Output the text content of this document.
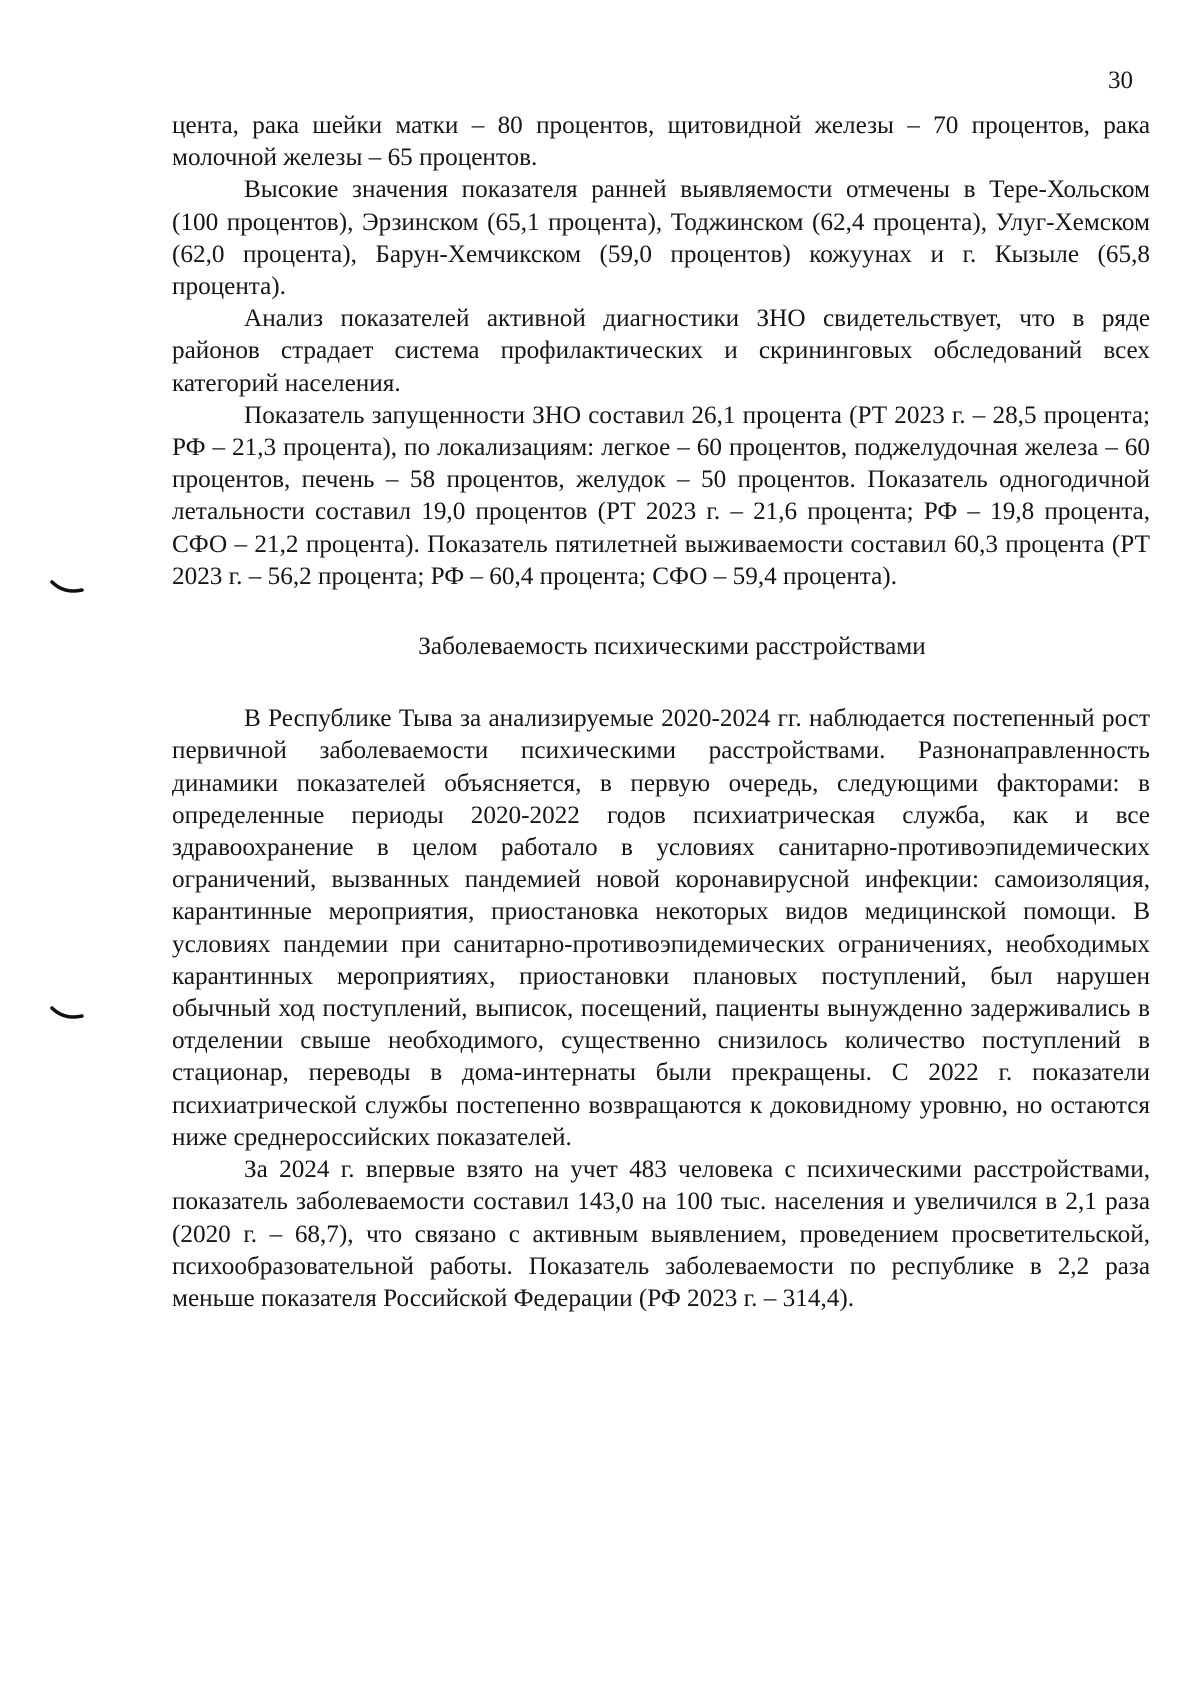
30

цента, рака шейки матки – 80 процентов, щитовидной железы – 70 процентов, рака молочной железы – 65 процентов.

Высокие значения показателя ранней выявляемости отмечены в Тере-Хольском (100 процентов), Эрзинском (65,1 процента), Тоджинском (62,4 процента), Улуг-Хемском (62,0 процента), Барун-Хемчикском (59,0 процентов) кожуунах и г. Кызыле (65,8 процента).

Анализ показателей активной диагностики ЗНО свидетельствует, что в ряде районов страдает система профилактических и скрининговых обследований всех категорий населения.

Показатель запущенности ЗНО составил 26,1 процента (РТ 2023 г. – 28,5 процента; РФ – 21,3 процента), по локализациям: легкое – 60 процентов, поджелудочная железа – 60 процентов, печень – 58 процентов, желудок – 50 процентов. Показатель одногодичной летальности составил 19,0 процентов (РТ 2023 г. – 21,6 процента; РФ – 19,8 процента, СФО – 21,2 процента). Показатель пятилетней выживаемости составил 60,3 процента (РТ 2023 г. – 56,2 процента; РФ – 60,4 процента; СФО – 59,4 процента).

Заболеваемость психическими расстройствами

В Республике Тыва за анализируемые 2020-2024 гг. наблюдается постепенный рост первичной заболеваемости психическими расстройствами. Разнонаправленность динамики показателей объясняется, в первую очередь, следующими факторами: в определенные периоды 2020-2022 годов психиатрическая служба, как и все здравоохранение в целом работало в условиях санитарно-противоэпидемических ограничений, вызванных пандемией новой коронавирусной инфекции: самоизоляция, карантинные мероприятия, приостановка некоторых видов медицинской помощи. В условиях пандемии при санитарно-противоэпидемических ограничениях, необходимых карантинных мероприятиях, приостановки плановых поступлений, был нарушен обычный ход поступлений, выписок, посещений, пациенты вынужденно задерживались в отделении свыше необходимого, существенно снизилось количество поступлений в стационар, переводы в дома-интернаты были прекращены. С 2022 г. показатели психиатрической службы постепенно возвращаются к доковидному уровню, но остаются ниже среднероссийских показателей.

За 2024 г. впервые взято на учет 483 человека с психическими расстройствами, показатель заболеваемости составил 143,0 на 100 тыс. населения и увеличился в 2,1 раза (2020 г. – 68,7), что связано с активным выявлением, проведением просветительской, психообразовательной работы. Показатель заболеваемости по республике в 2,2 раза меньше показателя Российской Федерации (РФ 2023 г. – 314,4).
